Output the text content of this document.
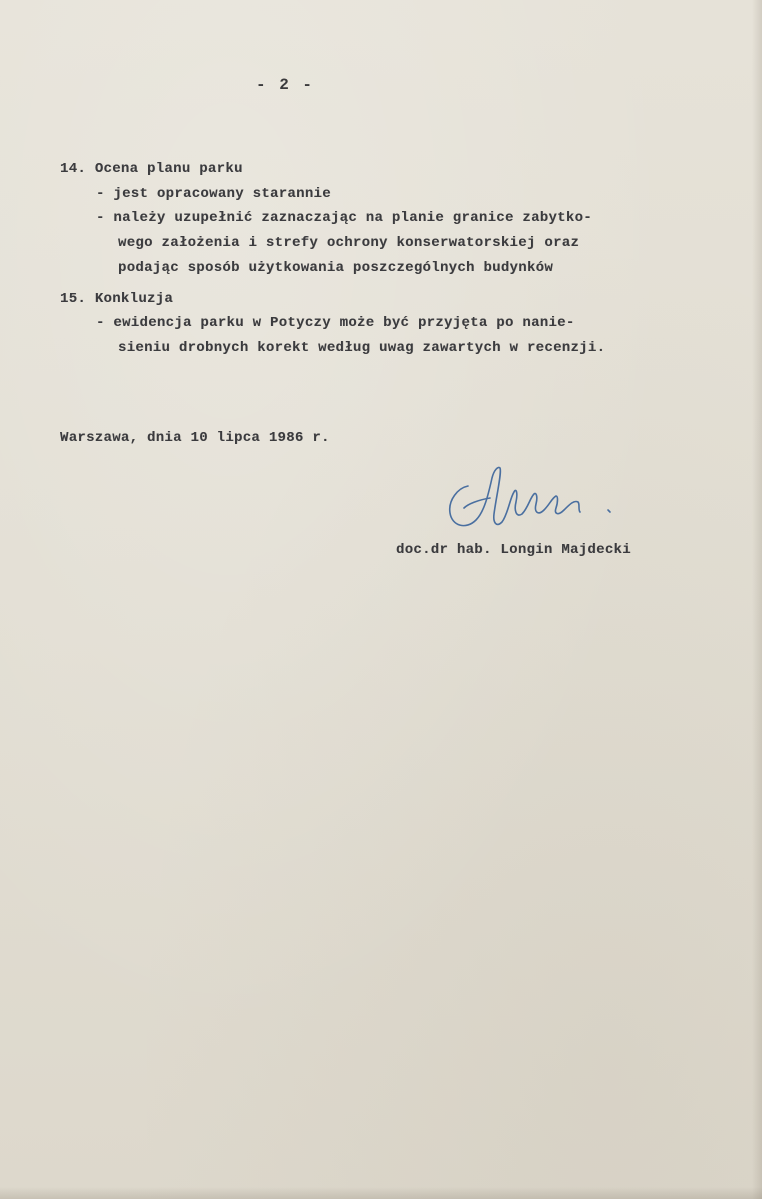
- 2 -
14. Ocena planu parku
- jest opracowany starannie
- należy uzupełnić zaznaczając na planie granice zabytko-
wego założenia i strefy ochrony konserwatorskiej oraz
podając sposób użytkowania poszczególnych budynków
15. Konkluzja
- ewidencja parku w Potyczy może być przyjęta po nanie-
sieniu drobnych korekt według uwag zawartych w recenzji.
Warszawa, dnia 10 lipca 1986 r.
doc.dr hab. Longin Majdecki
